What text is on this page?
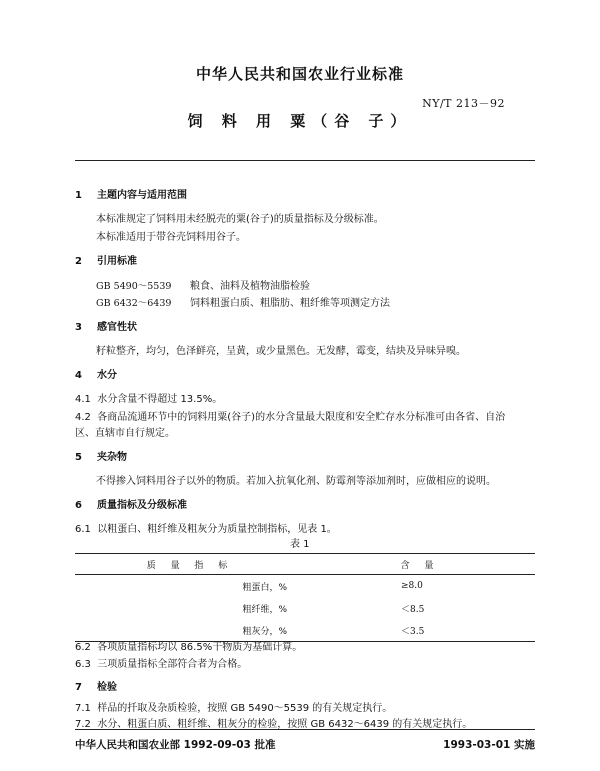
中华人民共和国农业行业标准
NY/T 213－92
饲 料 用 粟（谷 子）
1 主题内容与适用范围
本标准规定了饲料用未经脱壳的粟(谷子)的质量指标及分级标准。
本标准适用于带谷壳饲料用谷子。
2 引用标准
GB 5490～5539 粮食、油料及植物油脂检验
GB 6432～6439 饲料粗蛋白质、粗脂肪、粗纤维等项测定方法
3 感官性状
籽粒整齐，均匀，色泽鲜亮，呈黄，或少量黑色。无发酵，霉变，结块及异味异嗅。
4 水分
4.1 水分含量不得超过 13.5%。
4.2 各商品流通环节中的饲料用粟(谷子)的水分含量最大限度和安全贮存水分标准可由各省、自治
区、直辖市自行规定。
5 夹杂物
不得掺入饲料用谷子以外的物质。若加入抗氧化剂、防霉剂等添加剂时，应做相应的说明。
6 质量指标及分级标准
6.1 以粗蛋白、粗纤维及粗灰分为质量控制指标，见表 1。
表 1
质 量 指 标	含 量
粗蛋白，%	≥8.0
粗纤维，%	＜8.5
粗灰分，%	＜3.5
6.2 各项质量指标均以 86.5%干物质为基础计算。
6.3 三项质量指标全部符合者为合格。
7 检验
7.1 样品的扦取及杂质检验，按照 GB 5490～5539 的有关规定执行。
7.2 水分、粗蛋白质、粗纤维、粗灰分的检验，按照 GB 6432～6439 的有关规定执行。
中华人民共和国农业部 1992-09-03 批准	1993-03-01 实施
